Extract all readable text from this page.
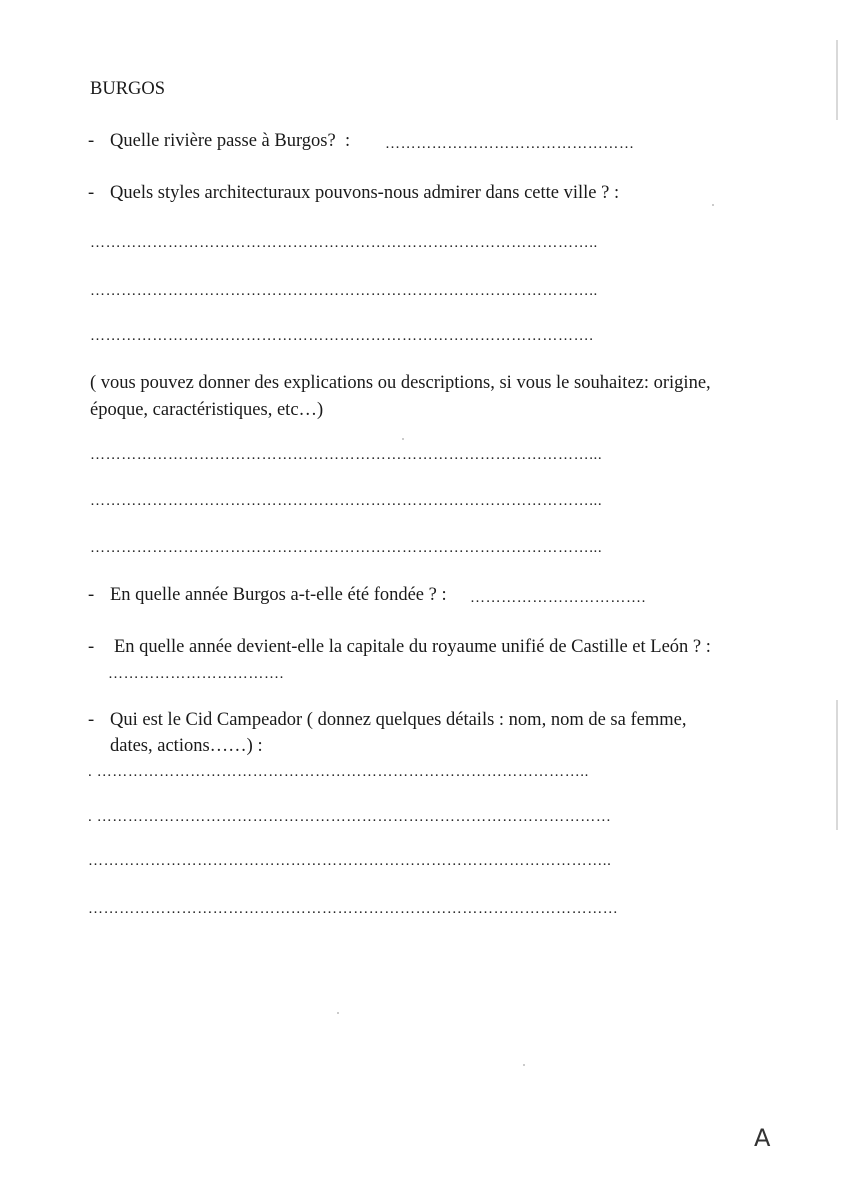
BURGOS
- Quelle rivière passe à Burgos?  : …………………………………………
- Quels styles architecturaux pouvons-nous admirer dans cette ville ? :
……………………………………………………………………………………..
……………………………………………………………………………………..
…………………………………………………………………………………….
( vous pouvez donner des explications ou descriptions, si vous le souhaitez: origine,
époque, caractéristiques, etc…)
……………………………………………………………………………………...
……………………………………………………………………………………...
……………………………………………………………………………………...
- En quelle année Burgos a-t-elle été fondée ? : …………………………….
- En quelle année devient-elle la capitale du royaume unifié de Castille et León ? :
…………………………….
- Qui est le Cid Campeador ( donnez quelques détails : nom, nom de sa femme,
dates, actions……) :
. …………………………………………………………………………………..
. ………………………………………………………………………………………
………………………………………………………………………………………..
…………………………………………………………………………………………
A
